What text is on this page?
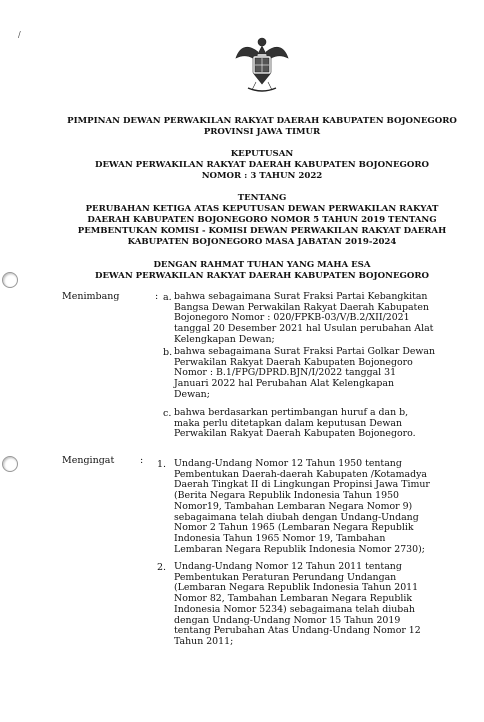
/
PIMPINAN DEWAN PERWAKILAN RAKYAT DAERAH KABUPATEN BOJONEGORO
PROVINSI JAWA TIMUR
KEPUTUSAN
DEWAN PERWAKILAN RAKYAT DAERAH KABUPATEN BOJONEGORO
NOMOR : 3 TAHUN 2022
TENTANG
PERUBAHAN KETIGA ATAS KEPUTUSAN DEWAN PERWAKILAN RAKYAT
DAERAH KABUPATEN BOJONEGORO NOMOR 5 TAHUN 2019 TENTANG
PEMBENTUKAN KOMISI - KOMISI DEWAN PERWAKILAN RAKYAT DAERAH
KABUPATEN BOJONEGORO MASA JABATAN 2019-2024
DENGAN RAHMAT TUHAN YANG MAHA ESA
DEWAN PERWAKILAN RAKYAT DAERAH KABUPATEN BOJONEGORO
Menimbang	: a. bahwa sebagaimana Surat Fraksi Partai Kebangkitan
Bangsa Dewan Perwakilan Rakyat Daerah Kabupaten
Bojonegoro Nomor : 020/FPKB-03/V/B.2/XII/2021
tanggal 20 Desember 2021 hal Usulan perubahan Alat
Kelengkapan Dewan;
b. bahwa sebagaimana Surat Fraksi Partai Golkar Dewan
Perwakilan Rakyat Daerah Kabupaten Bojonegoro
Nomor : B.1/FPG/DPRD.BJN/I/2022 tanggal 31
Januari 2022 hal Perubahan Alat Kelengkapan
Dewan;
c. bahwa berdasarkan pertimbangan huruf a dan b,
maka perlu ditetapkan dalam keputusan Dewan
Perwakilan Rakyat Daerah Kabupaten Bojonegoro.
Mengingat	: 1. Undang-Undang Nomor 12 Tahun 1950 tentang
Pembentukan Daerah-daerah Kabupaten /Kotamadya
Daerah Tingkat II di Lingkungan Propinsi Jawa Timur
(Berita Negara Republik Indonesia Tahun 1950
Nomor19, Tambahan Lembaran Negara Nomor 9)
sebagaimana telah diubah dengan Undang-Undang
Nomor 2 Tahun 1965 (Lembaran Negara Republik
Indonesia Tahun 1965 Nomor 19, Tambahan
Lembaran Negara Republik Indonesia Nomor 2730);
2. Undang-Undang Nomor 12 Tahun 2011 tentang
Pembentukan Peraturan Perundang Undangan
(Lembaran Negara Republik Indonesia Tahun 2011
Nomor 82, Tambahan Lembaran Negara Republik
Indonesia Nomor 5234) sebagaimana telah diubah
dengan Undang-Undang Nomor 15 Tahun 2019
tentang Perubahan Atas Undang-Undang Nomor 12
Tahun 2011;
